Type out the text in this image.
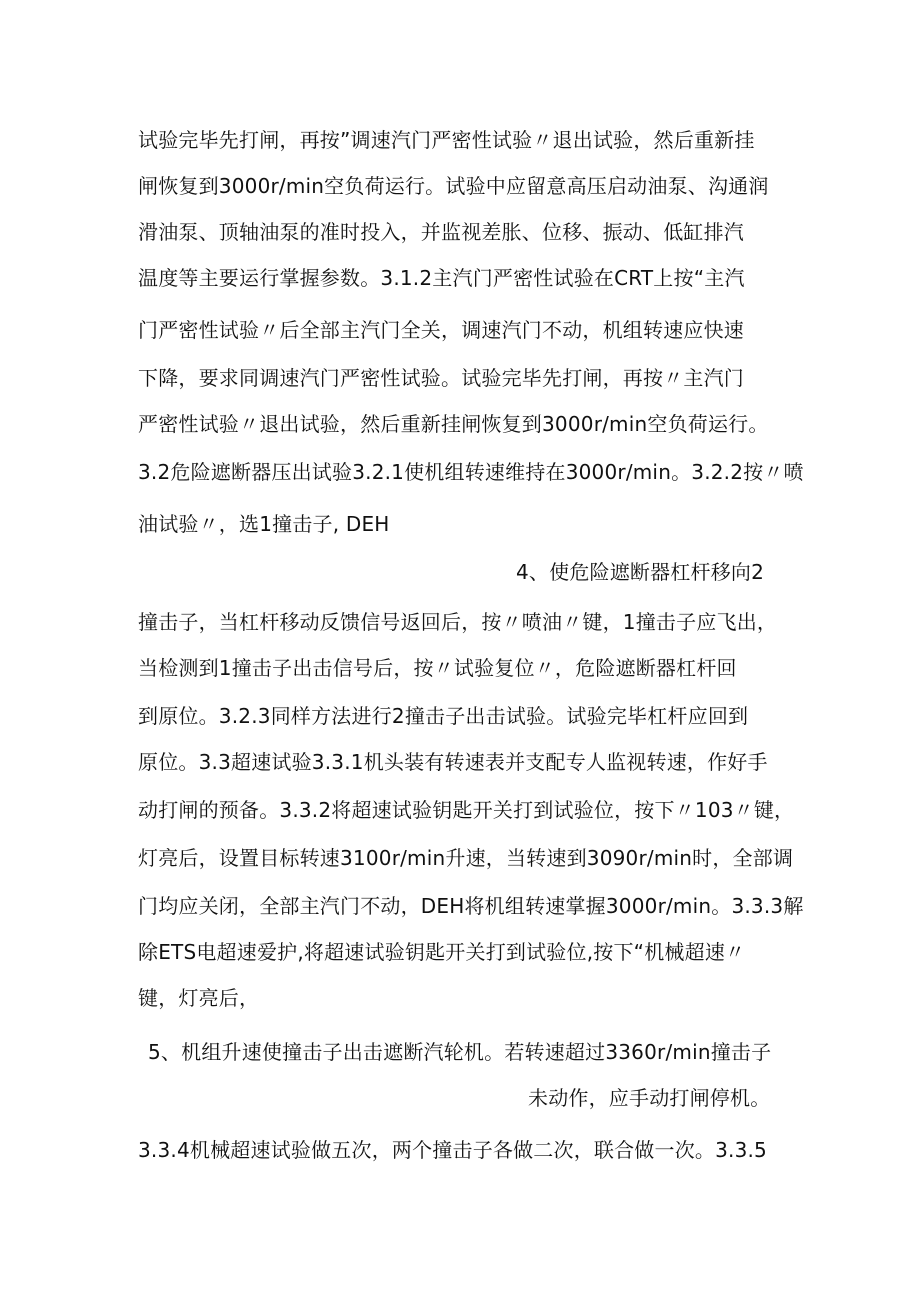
试验完毕先打闸，再按”调速汽门严密性试验〃退出试验，然后重新挂
闸恢复到3000r/min空负荷运行。试验中应留意高压启动油泵、沟通润
滑油泵、顶轴油泵的准时投入，并监视差胀、位移、振动、低缸排汽
温度等主要运行掌握参数。3.1.2主汽门严密性试验在CRT上按“主汽
门严密性试验〃后全部主汽门全关，调速汽门不动，机组转速应快速
下降，要求同调速汽门严密性试验。试验完毕先打闸，再按〃主汽门
严密性试验〃退出试验，然后重新挂闸恢复到3000r/min空负荷运行。
3.2危险遮断器压出试验3.2.1使机组转速维持在3000r/min。3.2.2按〃喷
油试验〃，选1撞击子, DEH
4、使危险遮断器杠杆移向2
撞击子，当杠杆移动反馈信号返回后，按〃喷油〃键，1撞击子应飞出，
当检测到1撞击子出击信号后，按〃试验复位〃，危险遮断器杠杆回
到原位。3.2.3同样方法进行2撞击子出击试验。试验完毕杠杆应回到
原位。3.3超速试验3.3.1机头装有转速表并支配专人监视转速，作好手
动打闸的预备。3.3.2将超速试验钥匙开关打到试验位，按下〃103〃键，
灯亮后，设置目标转速3100r/min升速，当转速到3090r/min时，全部调
门均应关闭，全部主汽门不动，DEH将机组转速掌握3000r/min。3.3.3解
除ETS电超速爱护,将超速试验钥匙开关打到试验位,按下“机械超速〃
键，灯亮后，
5、机组升速使撞击子出击遮断汽轮机。若转速超过3360r/min撞击子
未动作，应手动打闸停机。
3.3.4机械超速试验做五次，两个撞击子各做二次，联合做一次。3.3.5
